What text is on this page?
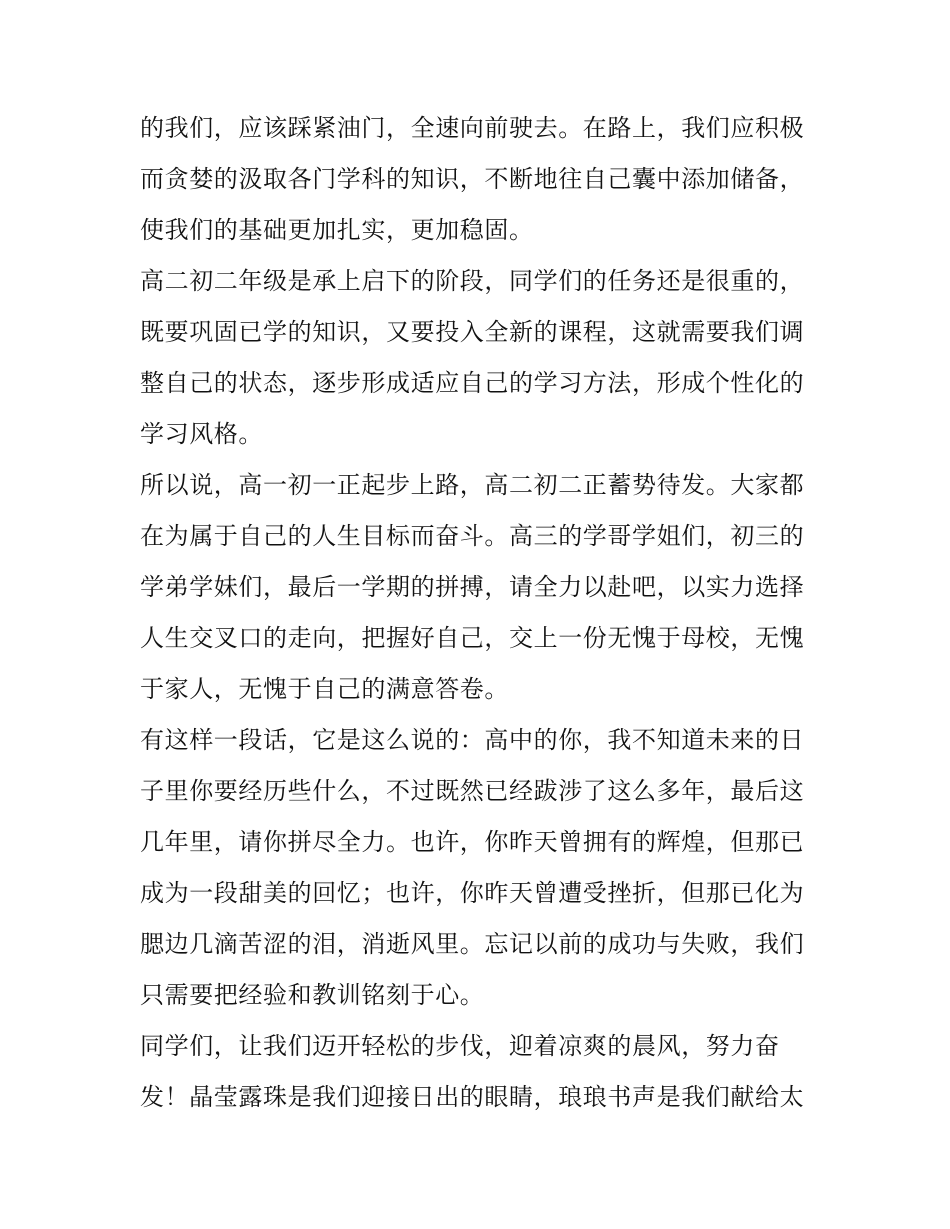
的我们，应该踩紧油门，全速向前驶去。在路上，我们应积极
而贪婪的汲取各门学科的知识，不断地往自己囊中添加储备，
使我们的基础更加扎实，更加稳固。
高二初二年级是承上启下的阶段，同学们的任务还是很重的，
既要巩固已学的知识，又要投入全新的课程，这就需要我们调
整自己的状态，逐步形成适应自己的学习方法，形成个性化的
学习风格。
所以说，高一初一正起步上路，高二初二正蓄势待发。大家都
在为属于自己的人生目标而奋斗。高三的学哥学姐们，初三的
学弟学妹们，最后一学期的拼搏，请全力以赴吧，以实力选择
人生交叉口的走向，把握好自己，交上一份无愧于母校，无愧
于家人，无愧于自己的满意答卷。
有这样一段话，它是这么说的：高中的你，我不知道未来的日
子里你要经历些什么，不过既然已经跋涉了这么多年，最后这
几年里，请你拼尽全力。也许，你昨天曾拥有的辉煌，但那已
成为一段甜美的回忆；也许，你昨天曾遭受挫折，但那已化为
腮边几滴苦涩的泪，消逝风里。忘记以前的成功与失败，我们
只需要把经验和教训铭刻于心。
同学们，让我们迈开轻松的步伐，迎着凉爽的晨风，努力奋
发！晶莹露珠是我们迎接日出的眼睛，琅琅书声是我们献给太
